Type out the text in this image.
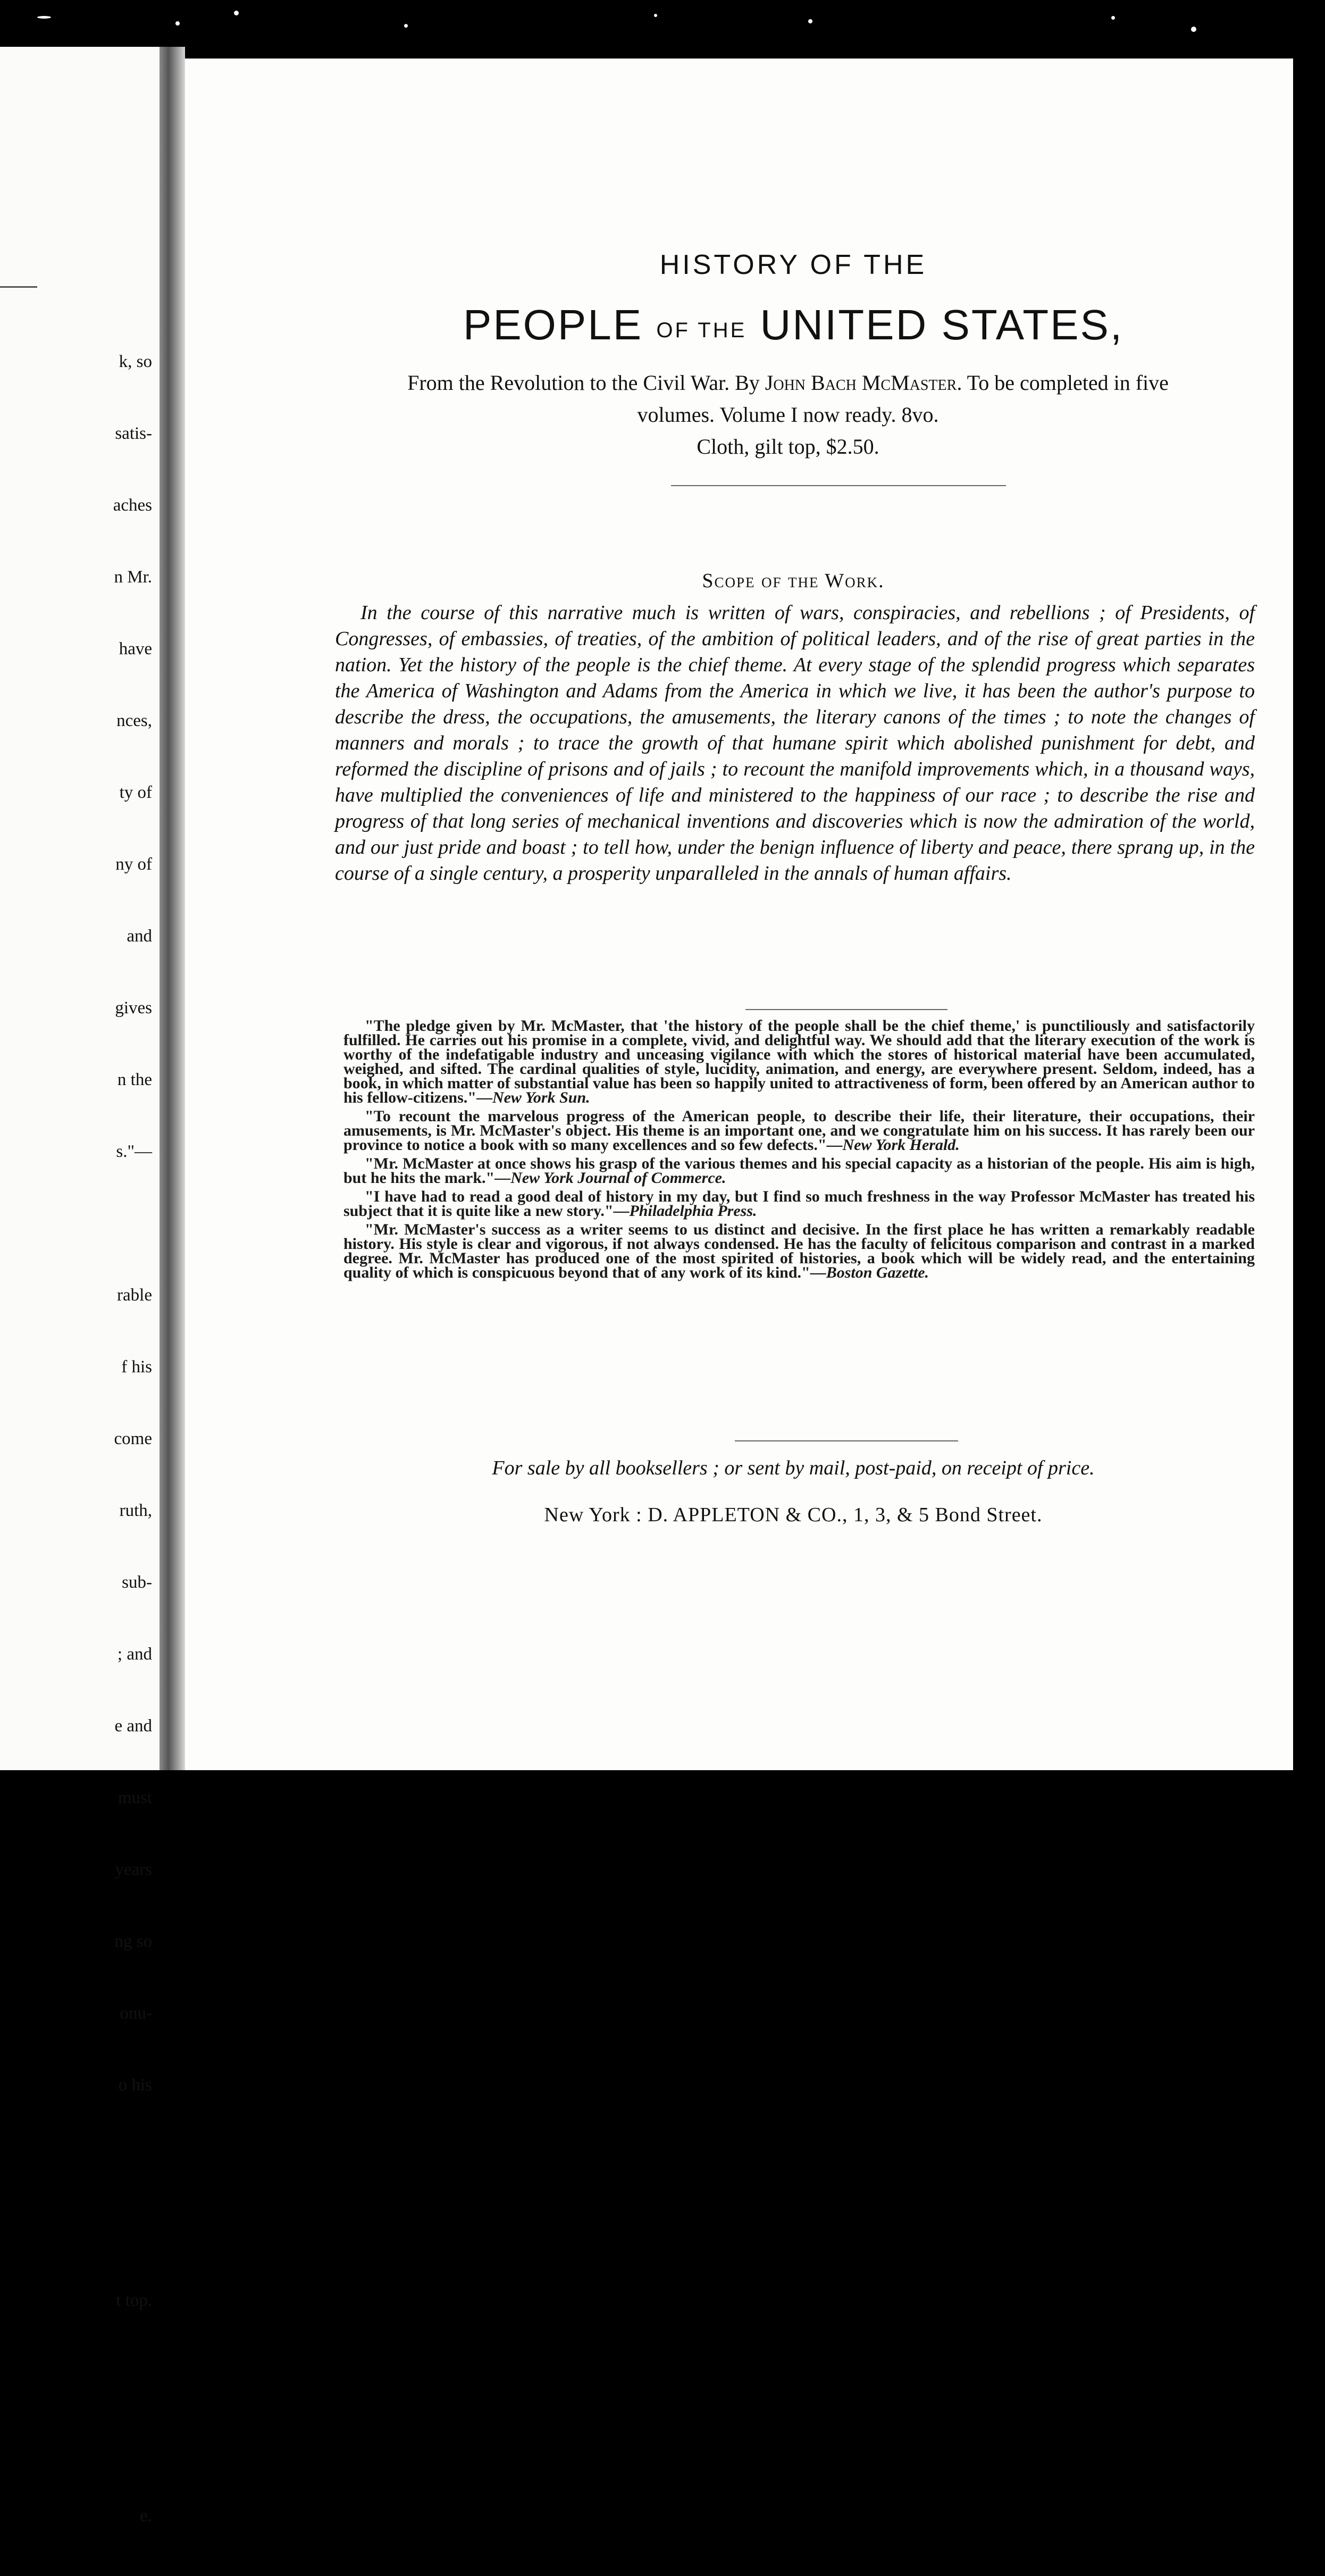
k, so

satis-

aches

n Mr.

have

nces,

ty of

ny of

and

gives

n the

s."—

rable

f his

come

ruth,

sub-

; and

e and

must

years

ng so

onu-

o his

t top.

e.

HISTORY OF THE
PEOPLE OF THE UNITED STATES,
From the Revolution to the Civil War. By John Bach McMaster. To be completed in five volumes. Volume I now ready. 8vo.
Cloth, gilt top, $2.50.
Scope of the Work.
In the course of this narrative much is written of wars, conspiracies, and rebellions ; of Presidents, of Congresses, of embassies, of treaties, of the ambition of political leaders, and of the rise of great parties in the nation. Yet the history of the people is the chief theme. At every stage of the splendid progress which separates the America of Washington and Adams from the America in which we live, it has been the author's purpose to describe the dress, the occupations, the amusements, the literary canons of the times ; to note the changes of manners and morals ; to trace the growth of that humane spirit which abolished punishment for debt, and reformed the discipline of prisons and of jails ; to recount the manifold improvements which, in a thousand ways, have multiplied the conveniences of life and ministered to the happiness of our race ; to describe the rise and progress of that long series of mechanical inventions and discoveries which is now the admiration of the world, and our just pride and boast ; to tell how, under the benign influence of liberty and peace, there sprang up, in the course of a single century, a prosperity unparalleled in the annals of human affairs.

"The pledge given by Mr. McMaster, that 'the history of the people shall be the chief theme,' is punctiliously and satisfactorily fulfilled. He carries out his promise in a complete, vivid, and delightful way. We should add that the literary execution of the work is worthy of the indefatigable industry and unceasing vigilance with which the stores of historical material have been accumulated, weighed, and sifted. The cardinal qualities of style, lucidity, animation, and energy, are everywhere present. Seldom, indeed, has a book, in which matter of substantial value has been so happily united to attractiveness of form, been offered by an American author to his fellow-citizens."—New York Sun.

"To recount the marvelous progress of the American people, to describe their life, their literature, their occupations, their amusements, is Mr. McMaster's object. His theme is an important one, and we congratulate him on his success. It has rarely been our province to notice a book with so many excellences and so few defects."—New York Herald.

"Mr. McMaster at once shows his grasp of the various themes and his special capacity as a historian of the people. His aim is high, but he hits the mark."—New York Journal of Commerce.

"I have had to read a good deal of history in my day, but I find so much freshness in the way Professor McMaster has treated his subject that it is quite like a new story."—Philadelphia Press.

"Mr. McMaster's success as a writer seems to us distinct and decisive. In the first place he has written a remarkably readable history. His style is clear and vigorous, if not always condensed. He has the faculty of felicitous comparison and contrast in a marked degree. Mr. McMaster has produced one of the most spirited of histories, a book which will be widely read, and the entertaining quality of which is conspicuous beyond that of any work of its kind."—Boston Gazette.

For sale by all booksellers ; or sent by mail, post-paid, on receipt of price.
New York : D. APPLETON & CO., 1, 3, & 5 Bond Street.
